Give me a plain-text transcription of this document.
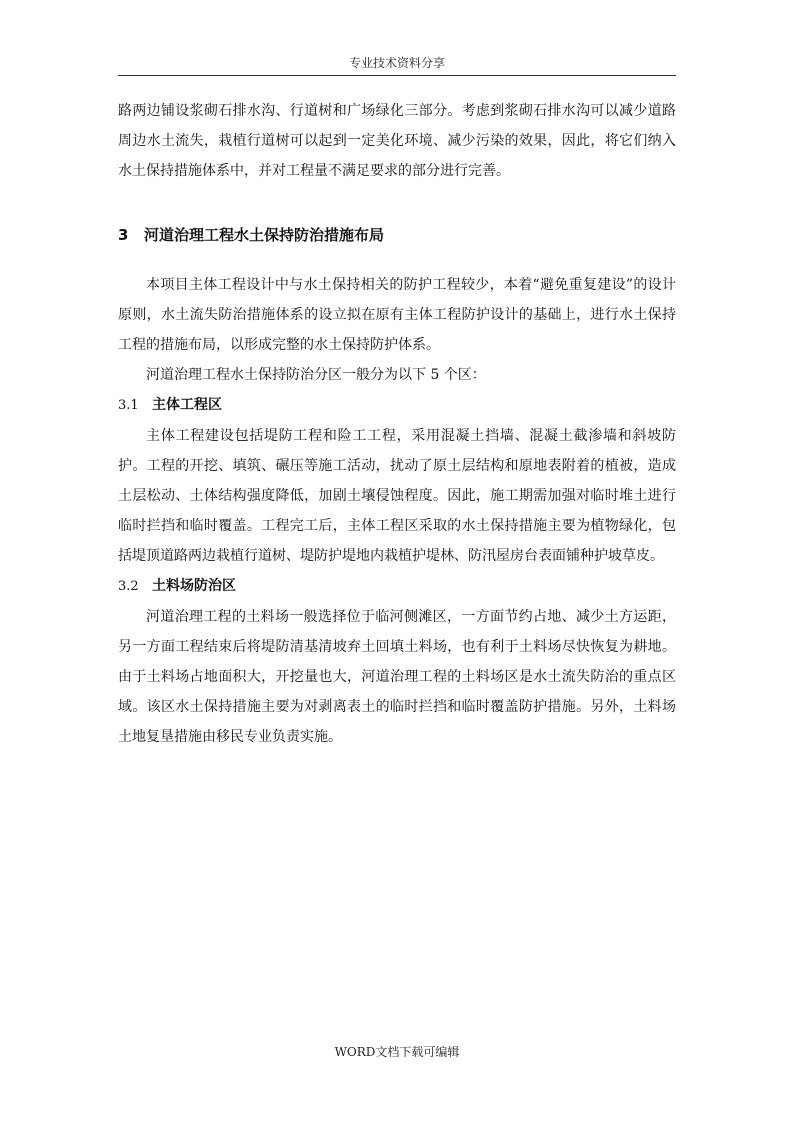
专业技术资料分享

路两边铺设浆砌石排水沟、行道树和广场绿化三部分。考虑到浆砌石排水沟可以减少道路周边水土流失，栽植行道树可以起到一定美化环境、减少污染的效果，因此，将它们纳入水土保持措施体系中，并对工程量不满足要求的部分进行完善。

3 河道治理工程水土保持防治措施布局

本项目主体工程设计中与水土保持相关的防护工程较少，本着“避免重复建设”的设计原则，水土流失防治措施体系的设立拟在原有主体工程防护设计的基础上，进行水土保持工程的措施布局，以形成完整的水土保持防护体系。

河道治理工程水土保持防治分区一般分为以下 5 个区：

3.1 主体工程区

主体工程建设包括堤防工程和险工工程，采用混凝土挡墙、混凝土截渗墙和斜坡防护。工程的开挖、填筑、碾压等施工活动，扰动了原土层结构和原地表附着的植被，造成土层松动、土体结构强度降低，加剧土壤侵蚀程度。因此，施工期需加强对临时堆土进行临时拦挡和临时覆盖。工程完工后，主体工程区采取的水土保持措施主要为植物绿化，包括堤顶道路两边栽植行道树、堤防护堤地内栽植护堤林、防汛屋房台表面铺种护坡草皮。

3.2 土料场防治区

河道治理工程的土料场一般选择位于临河侧滩区，一方面节约占地、减少土方运距，另一方面工程结束后将堤防清基清坡弃土回填土料场，也有利于土料场尽快恢复为耕地。由于土料场占地面积大，开挖量也大，河道治理工程的土料场区是水土流失防治的重点区域。该区水土保持措施主要为对剥离表土的临时拦挡和临时覆盖防护措施。另外，土料场土地复垦措施由移民专业负责实施。

WORD文档下载可编辑
